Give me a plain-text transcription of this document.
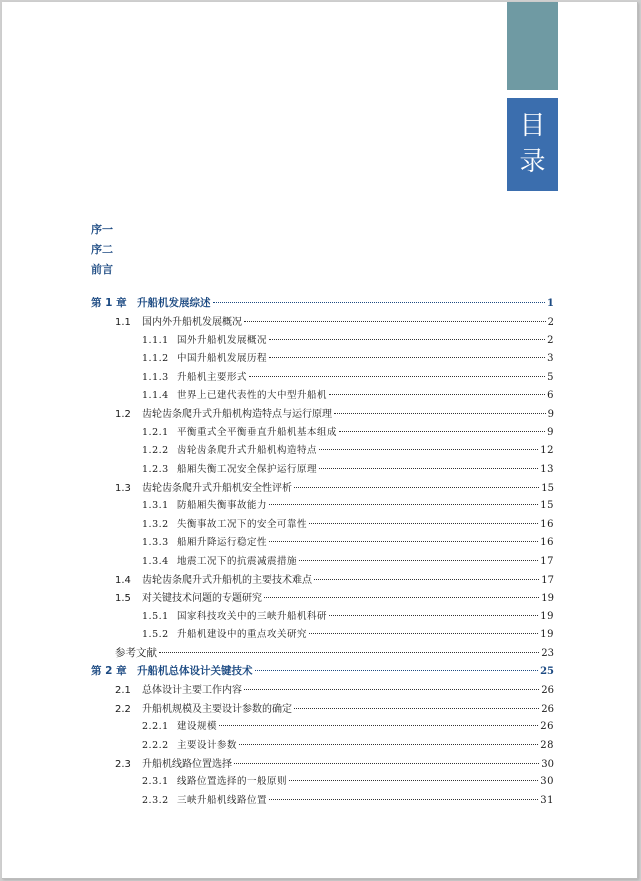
目
录
序一
序二
前言
第 1 章 升船机发展综述	1
1.1	国内外升船机发展概况	2
1.1.1 国外升船机发展概况	2
1.1.2 中国升船机发展历程	3
1.1.3 升船机主要形式	5
1.1.4 世界上已建代表性的大中型升船机	6
1.2	齿轮齿条爬升式升船机构造特点与运行原理	9
1.2.1 平衡重式全平衡垂直升船机基本组成	9
1.2.2 齿轮齿条爬升式升船机构造特点	12
1.2.3 船厢失衡工况安全保护运行原理	13
1.3	齿轮齿条爬升式升船机安全性评析	15
1.3.1 防船厢失衡事故能力	15
1.3.2 失衡事故工况下的安全可靠性	16
1.3.3 船厢升降运行稳定性	16
1.3.4 地震工况下的抗震减震措施	17
1.4	齿轮齿条爬升式升船机的主要技术难点	17
1.5	对关键技术问题的专题研究	19
1.5.1 国家科技攻关中的三峡升船机科研	19
1.5.2 升船机建设中的重点攻关研究	19
参考文献	23
第 2 章 升船机总体设计关键技术	25
2.1	总体设计主要工作内容	26
2.2	升船机规模及主要设计参数的确定	26
2.2.1 建设规模	26
2.2.2 主要设计参数	28
2.3	升船机线路位置选择	30
2.3.1 线路位置选择的一般原则	30
2.3.2 三峡升船机线路位置	31
